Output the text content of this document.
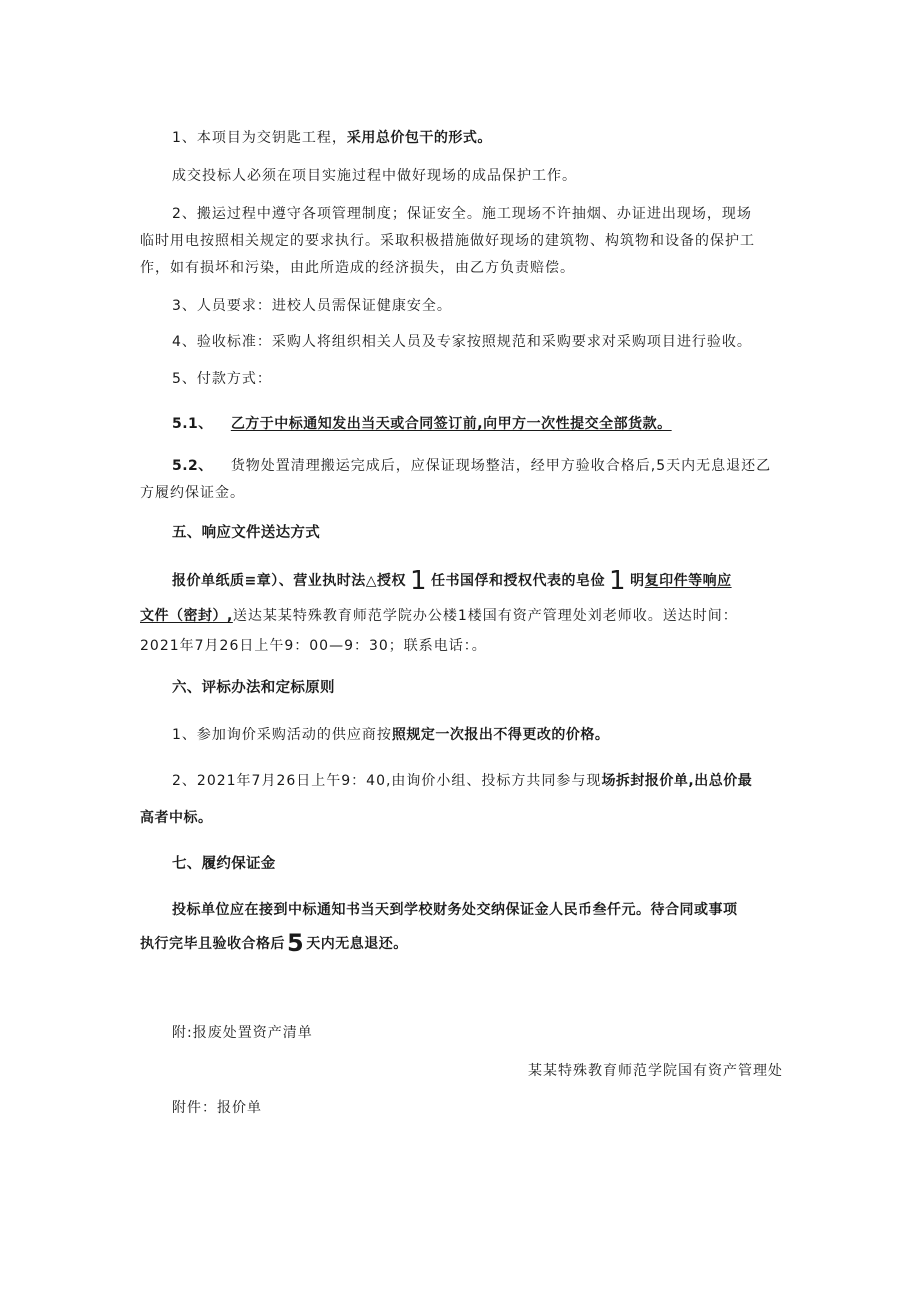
1、本项目为交钥匙工程，采用总价包干的形式。
成交投标人必须在项目实施过程中做好现场的成品保护工作。
2、搬运过程中遵守各项管理制度；保证安全。施工现场不许抽烟、办证进出现场，现场
临时用电按照相关规定的要求执行。采取积极措施做好现场的建筑物、构筑物和设备的保护工
作，如有损坏和污染，由此所造成的经济损失，由乙方负责赔偿。
3、人员要求：进校人员需保证健康安全。
4、验收标准：采购人将组织相关人员及专家按照规范和采购要求对采购项目进行验收。
5、付款方式：
5.1、 乙方于中标通知发出当天或合同签订前,向甲方一次性提交全部货款。
5.2、 货物处置清理搬运完成后，应保证现场整洁，经甲方验收合格后,5天内无息退还乙
方履约保证金。
五、响应文件送达方式
报价单纸质≡章）、营业执时法△授权 1 任书国俘和授权代表的皂俭 1 明复印件等响应
文件（密封）,送达某某特殊教育师范学院办公楼1楼国有资产管理处刘老师收。送达时间：
2021年7月26日上午9：00—9：30；联系电话：。
六、评标办法和定标原则
1、参加询价采购活动的供应商按照规定一次报出不得更改的价格。
2、2021年7月26日上午9：40,由询价小组、投标方共同参与现场拆封报价单,出总价最
高者中标。
七、履约保证金
投标单位应在接到中标通知书当天到学校财务处交纳保证金人民币叁仟元。待合同或事项
执行完毕且验收合格后5 天内无息退还。
附:报废处置资产清单
某某特殊教育师范学院国有资产管理处
附件：报价单
